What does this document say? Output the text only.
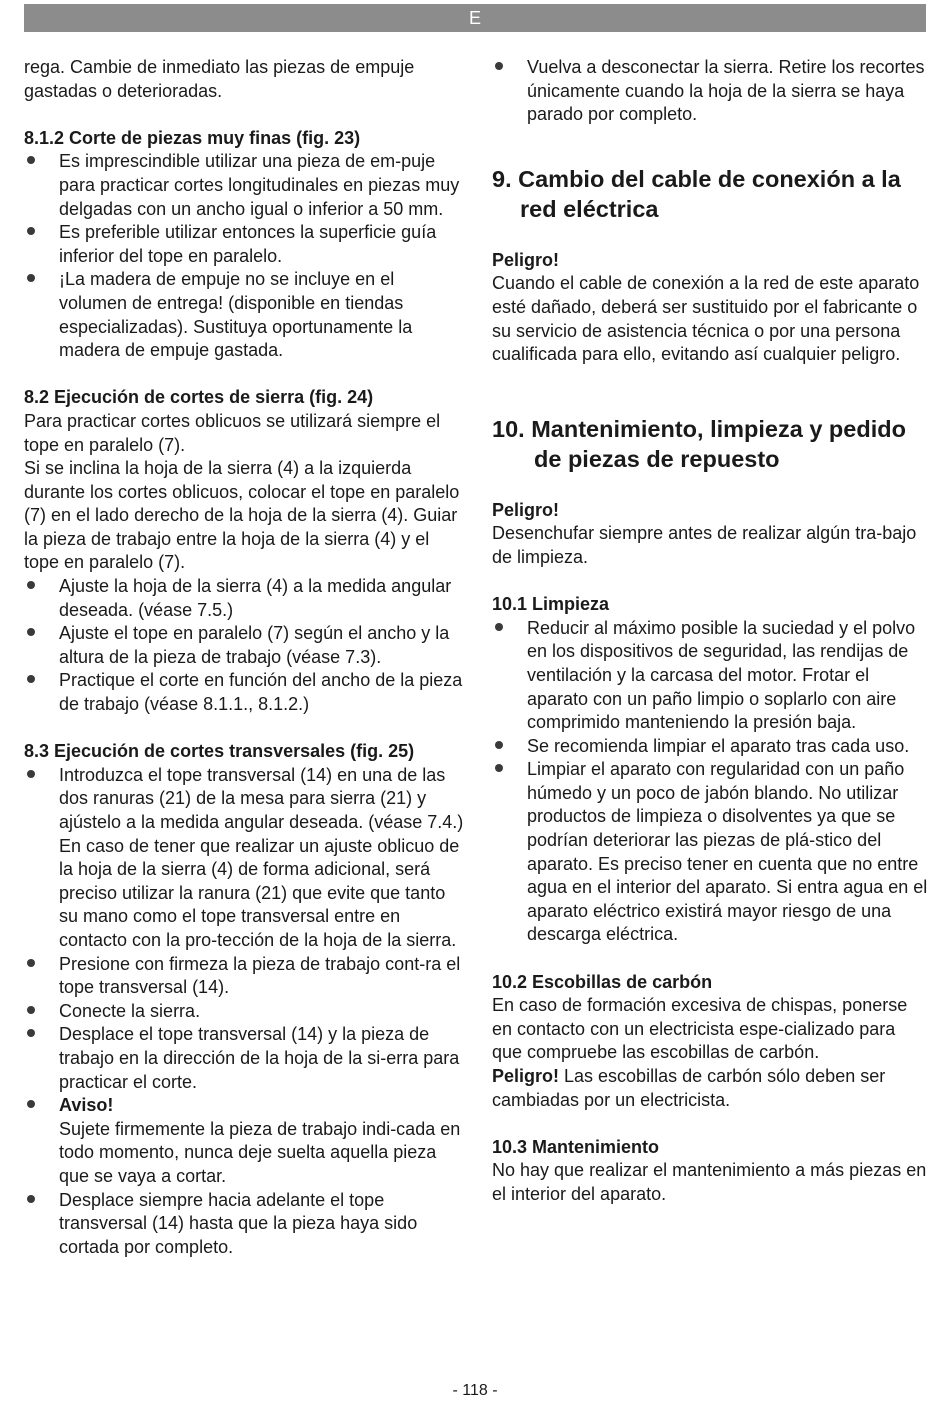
E

rega. Cambie de inmediato las piezas de empuje gastadas o deterioradas.

8.1.2 Corte de piezas muy finas (fig. 23)

Es imprescindible utilizar una pieza de em-puje para practicar cortes longitudinales en piezas muy delgadas con un ancho igual o inferior a 50 mm.
Es preferible utilizar entonces la superficie guía inferior del tope en paralelo.
¡La madera de empuje no se incluye en el volumen de entrega! (disponible en tiendas especializadas). Sustituya oportunamente la madera de empuje gastada.

8.2 Ejecución de cortes de sierra (fig. 24)

Para practicar cortes oblicuos se utilizará siempre el tope en paralelo (7).

Si se inclina la hoja de la sierra (4) a la izquierda durante los cortes oblicuos, colocar el tope en paralelo (7) en el lado derecho de la hoja de la sierra (4). Guiar la pieza de trabajo entre la hoja de la sierra (4) y el tope en paralelo (7).

Ajuste la hoja de la sierra (4) a la medida angular deseada. (véase 7.5.)
Ajuste el tope en paralelo (7) según el ancho y la altura de la pieza de trabajo (véase 7.3).
Practique el corte en función del ancho de la pieza de trabajo (véase 8.1.1., 8.1.2.)

8.3 Ejecución de cortes transversales (fig. 25)

Introduzca el tope transversal (14) en una de las dos ranuras (21) de la mesa para sierra (21) y ajústelo a la medida angular deseada. (véase 7.4.) En caso de tener que realizar un ajuste oblicuo de la hoja de la sierra (4) de forma adicional, será preciso utilizar la ranura (21) que evite que tanto su mano como el tope transversal entre en contacto con la pro-tección de la hoja de la sierra.
Presione con firmeza la pieza de trabajo cont-ra el tope transversal (14).
Conecte la sierra.
Desplace el tope transversal (14) y la pieza de trabajo en la dirección de la hoja de la si-erra para practicar el corte.
Aviso!
Sujete firmemente la pieza de trabajo indi-cada en todo momento, nunca deje suelta aquella pieza que se vaya a cortar.
Desplace siempre hacia adelante el tope transversal (14) hasta que la pieza haya sido cortada por completo.
Vuelva a desconectar la sierra. Retire los recortes únicamente cuando la hoja de la sierra se haya parado por completo.

9. Cambio del cable de conexión a la red eléctrica

Peligro!

Cuando el cable de conexión a la red de este aparato esté dañado, deberá ser sustituido por el fabricante o su servicio de asistencia técnica o por una persona cualificada para ello, evitando así cualquier peligro.

10. Mantenimiento, limpieza y pedido de piezas de repuesto

Peligro!

Desenchufar siempre antes de realizar algún tra-bajo de limpieza.

10.1 Limpieza

Reducir al máximo posible la suciedad y el polvo en los dispositivos de seguridad, las rendijas de ventilación y la carcasa del motor. Frotar el aparato con un paño limpio o soplarlo con aire comprimido manteniendo la presión baja.
Se recomienda limpiar el aparato tras cada uso.
Limpiar el aparato con regularidad con un paño húmedo y un poco de jabón blando. No utilizar productos de limpieza o disolventes ya que se podrían deteriorar las piezas de plá-stico del aparato. Es preciso tener en cuenta que no entre agua en el interior del aparato. Si entra agua en el aparato eléctrico existirá mayor riesgo de una descarga eléctrica.

10.2 Escobillas de carbón

En caso de formación excesiva de chispas, ponerse en contacto con un electricista espe-cializado para que compruebe las escobillas de carbón.

Peligro! Las escobillas de carbón sólo deben ser cambiadas por un electricista.

10.3 Mantenimiento

No hay que realizar el mantenimiento a más piezas en el interior del aparato.

- 118 -
